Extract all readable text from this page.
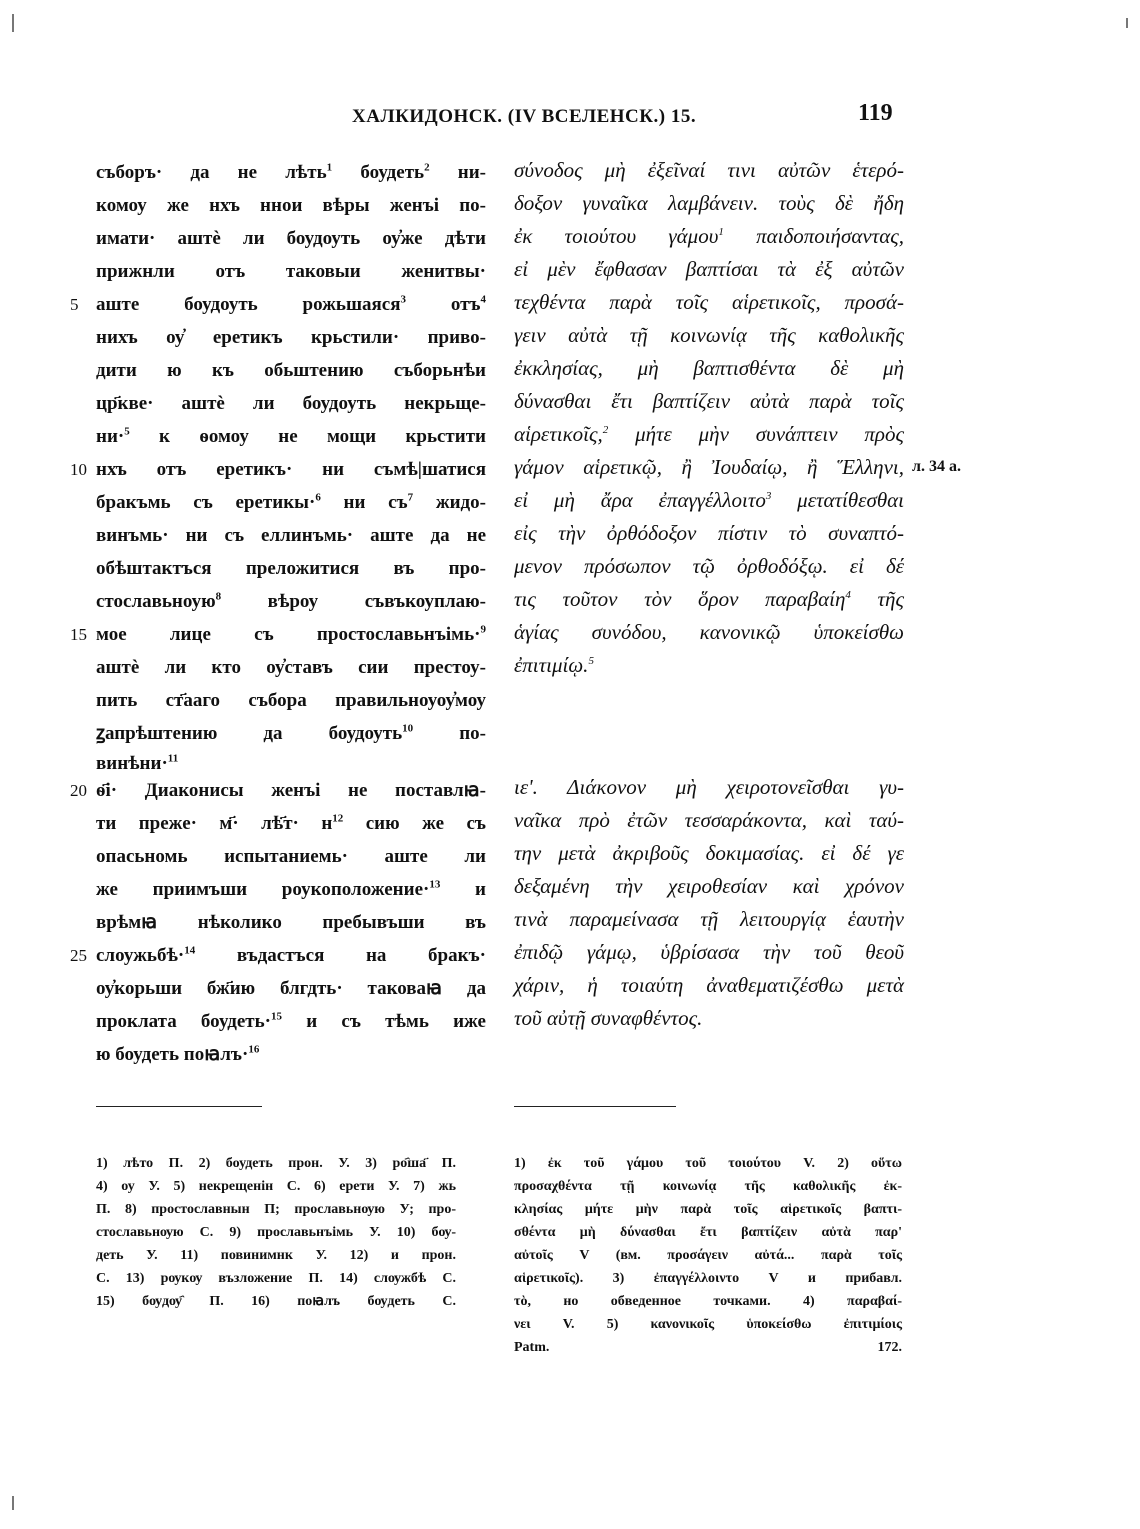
ХАЛКИДОНСК. (IV ВСЕЛЕНСК.) 15.	119
съборъ· да не лѣть$^1$ боудеть$^2$ ни-
комоу же нхъ ннои вѣры женъі по-
имати· аштѐ ли боудоуть оу҆же дѣти
прижнли отъ таковыи женитвы·
аште боудоуть рожьшаяся$^3$ отъ$^4$
нихъ оу҆ еретикъ крьстили· приво-
дити ю къ обьштению съборьнѣи
цр҃кве· аштѐ ли боудоуть некрьще-
ни·$^5$ к ѳомоу не мощи крьстити
нхъ отъ еретикъ· ни съмѣ|шатися
бракъмь съ еретикы·$^6$ ни $съ^7$ жидо-
винъмь· ни съ еллинъмь· аште да не
обѣштактъся преложитися въ про-
стославьноую$^8$ вѣроу съвъкоуплаю-
мое лице съ простославьнъімь·$^9$
аштѐ ли кто оу҆ставъ сии престоу-
пить ст҃ааго събора правильноуоу҆моу
ꙁапрѣштению да боудоуть$^{10}$ по-
винѣни·$^{11}$
ѳ҃і· Диаконисы женъі не поставлꙗ-
ти преже· м҃· лѣ҃т· $н^{12}$ сию же съ
опасьномь испытаниемь· аште ли
же приимъши роукоположение·$^{13}$ и
врѣмꙗ нѣколико пребывъши въ
слоужьбѣ·$^{14}$ въдастъся на бракъ·
оу҆корьши бж҃ию блгдть· таковаꙗ да
проклата боудеть·$^{15}$ и съ тѣмь иже
ю боудеть поꙗлъ·$^{16}$
5
10
15
20
25
σύνοδος μὴ ἐξεῖναί τινι αὐτῶν ἑτερό-
δοξον γυναῖκα λαμβάνειν. τοὺς δὲ ἤδη
ἐκ τοιούτου γάμου$^1$ παιδοποιήσαντας,
εἰ μὲν ἔφθασαν βαπτίσαι τὰ ἐξ αὐτῶν
τεχθέντα παρὰ τοῖς αἱρετικοῖς, προσά-
γειν αὐτὰ τῇ κοινωνίᾳ τῆς καθολικῆς
ἐκκλησίας, μὴ βαπτισθέντα δὲ μὴ
δύνασθαι ἔτι βαπτίζειν αὐτὰ παρὰ τοῖς
αἱρετικοῖς,$^2$ μήτε μὴν συνάπτειν πρὸς
γάμον αἱρετικῷ, ἢ Ἰουδαίῳ, ἢ Ἕλληνι,
εἰ μὴ ἄρα ἐπαγγέλλοιτο$^3$ μετατίθεσθαι
εἰς τὴν ὀρθόδοξον πίστιν τὸ συναπτό-
μενον πρόσωπον τῷ ὀρθοδόξῳ. εἰ δέ
τις τοῦτον τὸν ὅρον παραβαίη$^4$ τῆς
ἁγίας συνόδου, κανονικῷ ὑποκείσθω
ἐπιτιμίῳ.$^5$
ιε'. Διάκονον μὴ χειροτονεῖσθαι γυ-
ναῖκα πρὸ ἐτῶν τεσσαράκοντα, καὶ ταύ-
την μετὰ ἀκριβοῦς δοκιμασίας. εἰ δέ γε
δεξαμένη τὴν χειροθεσίαν καὶ χρόνον
τινὰ παραμείνασα τῇ λειτουργίᾳ ἑαυτὴν
ἐπιδῷ γάμῳ, ὑβρίσασα τὴν τοῦ θεοῦ
χάριν, ἡ τοιαύτη ἀναθεματιζέσθω μετὰ
τοῦ αὐτῇ συναφθέντος.
л. 34 а.
1) лѣто П. 2) боудеть прон. У. 3) ро҄ша҃ П.
4) оу У. 5) некрещенін С. 6) ерети У. 7) жь
П. 8) простославнын П; прославьнѹю У; про-
стославьнѹю С. 9) прославьнъімь У. 10) бѹ-
деть У. 11) повинимнк У. 12) и прон.
С. 13) рѹкѹ възложение П. 14) слѹжбѣ С.
15) бѹдѹ҄ П. 16) поꙗлъ бѹдеть С.
1) ἐκ τοῦ γάμου τοῦ τοιούτου V. 2) οὕτω
προσαχθέντα τῇ κοινωνίᾳ τῆς καθολικῆς ἐκ-
κλησίας μήτε μὴν παρὰ τοῖς αἱρετικοῖς βαπτι-
σθέντα μὴ δύνασθαι ἔτι βαπτίζειν αὐτὰ παρ'
αὐτοῖς V (вм. προσάγειν αὐτά... παρὰ τοῖς
αἱρετικοῖς). 3) ἐπαγγέλλοιντο V и прибавл.
τὸ, но обведенное точками. 4) παραβαί-
νει V. 5) κανονικοῖς ὑποκείσθω ἐπιτιμίοις
Patm. 172.
